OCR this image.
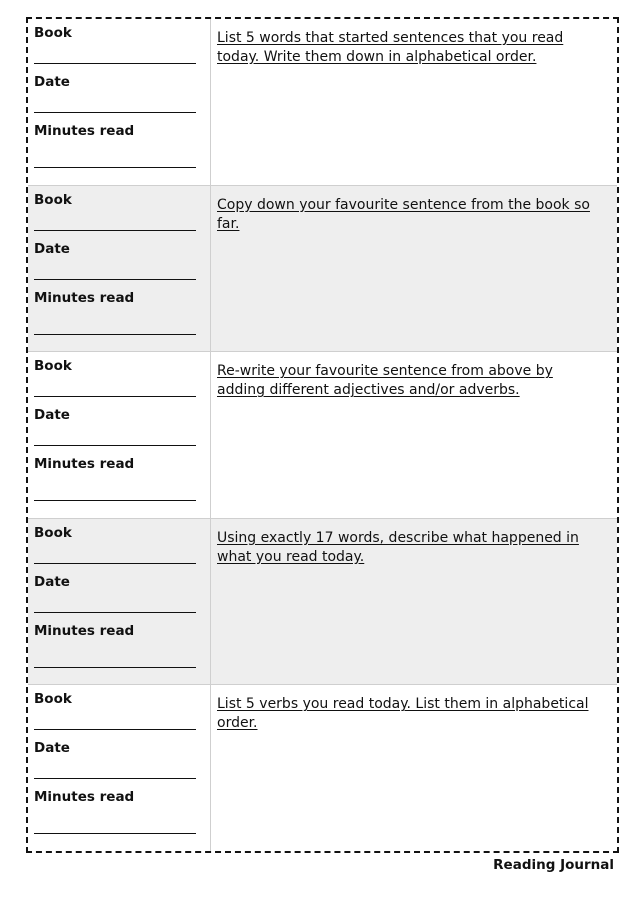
Book
Date
Minutes read

List 5 words that started sentences that you read today. Write them down in alphabetical order.

Book
Date
Minutes read

Copy down your favourite sentence from the book so far.

Book
Date
Minutes read

Re-write your favourite sentence from above by adding different adjectives and/or adverbs.

Book
Date
Minutes read

Using exactly 17 words, describe what happened in what you read today.

Book
Date
Minutes read

List 5 verbs you read today. List them in alphabetical order.

Reading Journal
